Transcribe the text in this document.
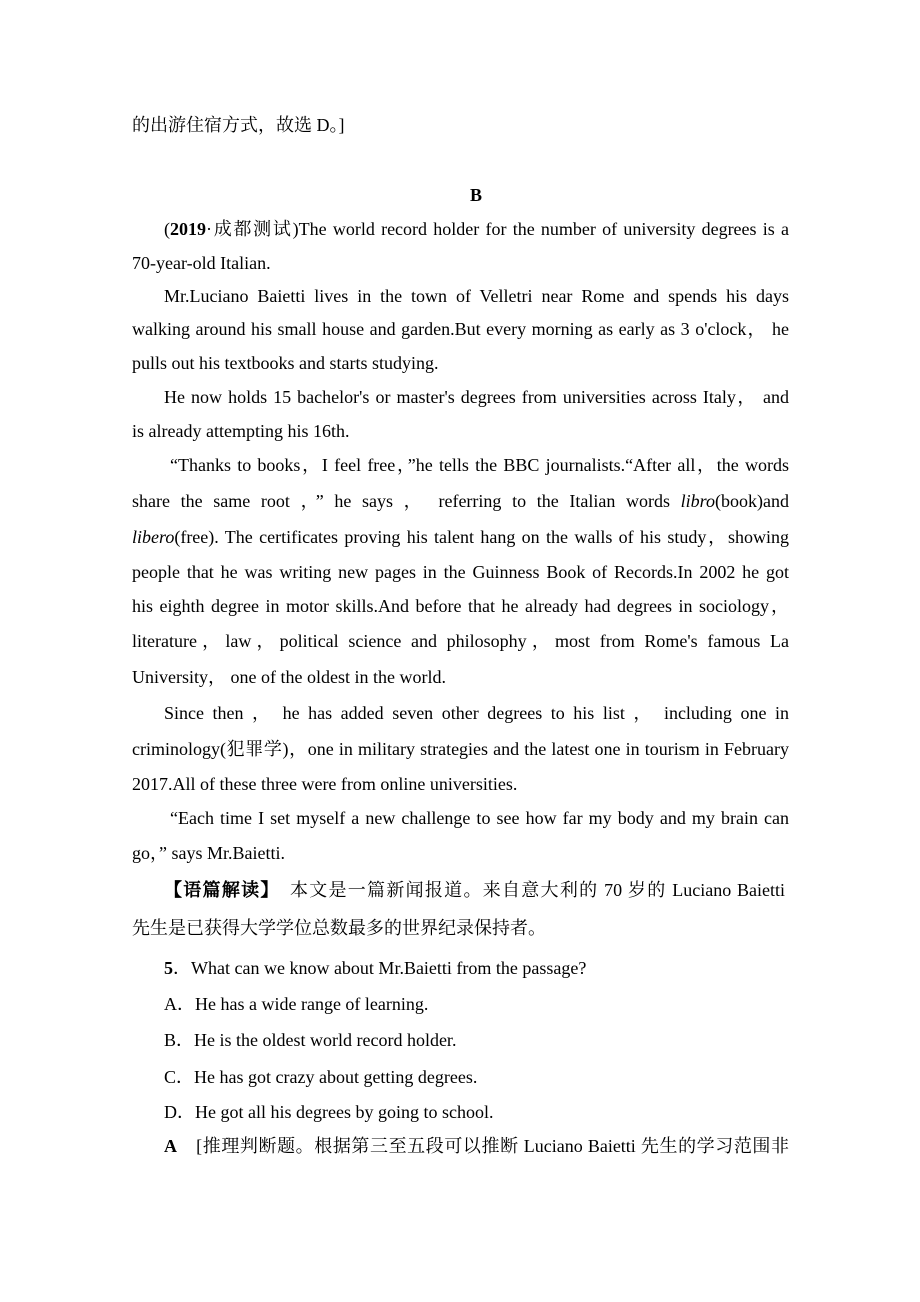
的出游住宿方式，故选 D。]
B
(2019·成都测试)The world record holder for the number of university degrees is a
70-year-old Italian.
Mr.Luciano Baietti lives in the town of Velletri near Rome and spends his days
walking around his small house and garden.But every morning as early as 3 o'clock， he
pulls out his textbooks and starts studying.
He now holds 15 bachelor's or master's degrees from universities across Italy， and
is already attempting his 16th.
“Thanks to books，I feel free，”he tells the BBC journalists.“After all，the words
share the same root ，” he says ， referring to the Italian words libro(book)and
libero(free). The certificates proving his talent hang on the walls of his study，showing
people that he was writing new pages in the Guinness Book of Records.In 2002 he got
his eighth degree in motor skills.And before that he already had degrees in sociology，
literature，law，political science and philosophy，most from Rome's famous La
University， one of the oldest in the world.
Since then ， he has added seven other degrees to his list ， including one in
criminology(犯罪学)，one in military strategies and the latest one in tourism in February
2017.All of these three were from online universities.
“Each time I set myself a new challenge to see how far my body and my brain can
go，” says Mr.Baietti.
【语篇解读】　本文是一篇新闻报道。来自意大利的 70 岁的 Luciano Baietti
先生是已获得大学学位总数最多的世界纪录保持者。
5．What can we know about Mr.Baietti from the passage?
A．He has a wide range of learning.
B．He is the oldest world record holder.
C．He has got crazy about getting degrees.
D．He got all his degrees by going to school.
A　[推理判断题。根据第三至五段可以推断 Luciano Baietti 先生的学习范围非
